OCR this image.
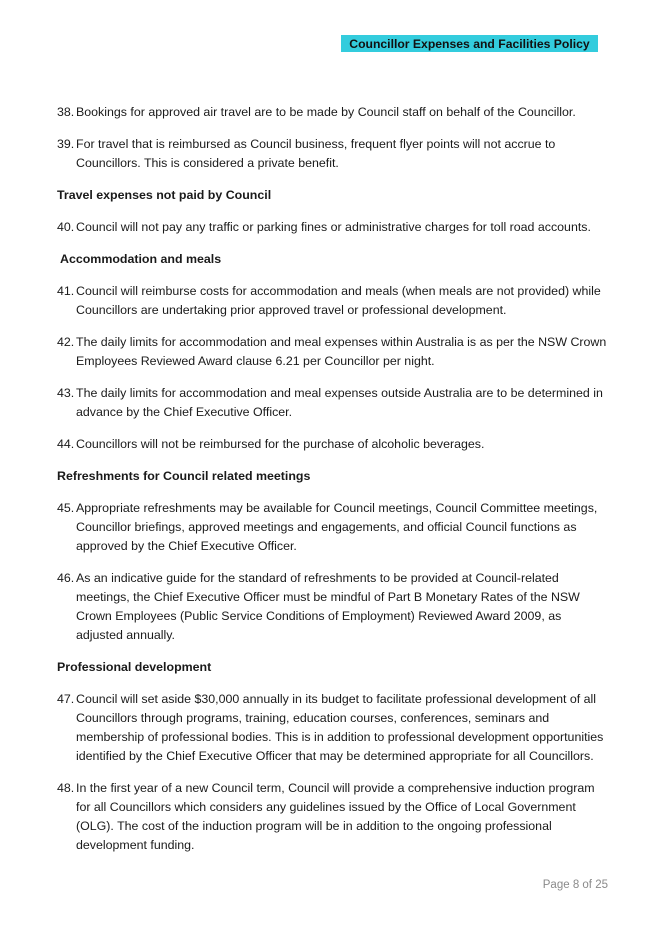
Councillor Expenses and Facilities Policy
38. Bookings for approved air travel are to be made by Council staff on behalf of the Councillor.
39. For travel that is reimbursed as Council business, frequent flyer points will not accrue to Councillors. This is considered a private benefit.
Travel expenses not paid by Council
40. Council will not pay any traffic or parking fines or administrative charges for toll road accounts.
Accommodation and meals
41. Council will reimburse costs for accommodation and meals (when meals are not provided) while Councillors are undertaking prior approved travel or professional development.
42. The daily limits for accommodation and meal expenses within Australia is as per the NSW Crown Employees Reviewed Award clause 6.21 per Councillor per night.
43. The daily limits for accommodation and meal expenses outside Australia are to be determined in advance by the Chief Executive Officer.
44. Councillors will not be reimbursed for the purchase of alcoholic beverages.
Refreshments for Council related meetings
45. Appropriate refreshments may be available for Council meetings, Council Committee meetings, Councillor briefings, approved meetings and engagements, and official Council functions as approved by the Chief Executive Officer.
46. As an indicative guide for the standard of refreshments to be provided at Council-related meetings, the Chief Executive Officer must be mindful of Part B Monetary Rates of the NSW Crown Employees (Public Service Conditions of Employment) Reviewed Award 2009, as adjusted annually.
Professional development
47. Council will set aside $30,000 annually in its budget to facilitate professional development of all Councillors through programs, training, education courses, conferences, seminars and membership of professional bodies. This is in addition to professional development opportunities identified by the Chief Executive Officer that may be determined appropriate for all Councillors.
48. In the first year of a new Council term, Council will provide a comprehensive induction program for all Councillors which considers any guidelines issued by the Office of Local Government (OLG). The cost of the induction program will be in addition to the ongoing professional development funding.
Page 8 of 25
